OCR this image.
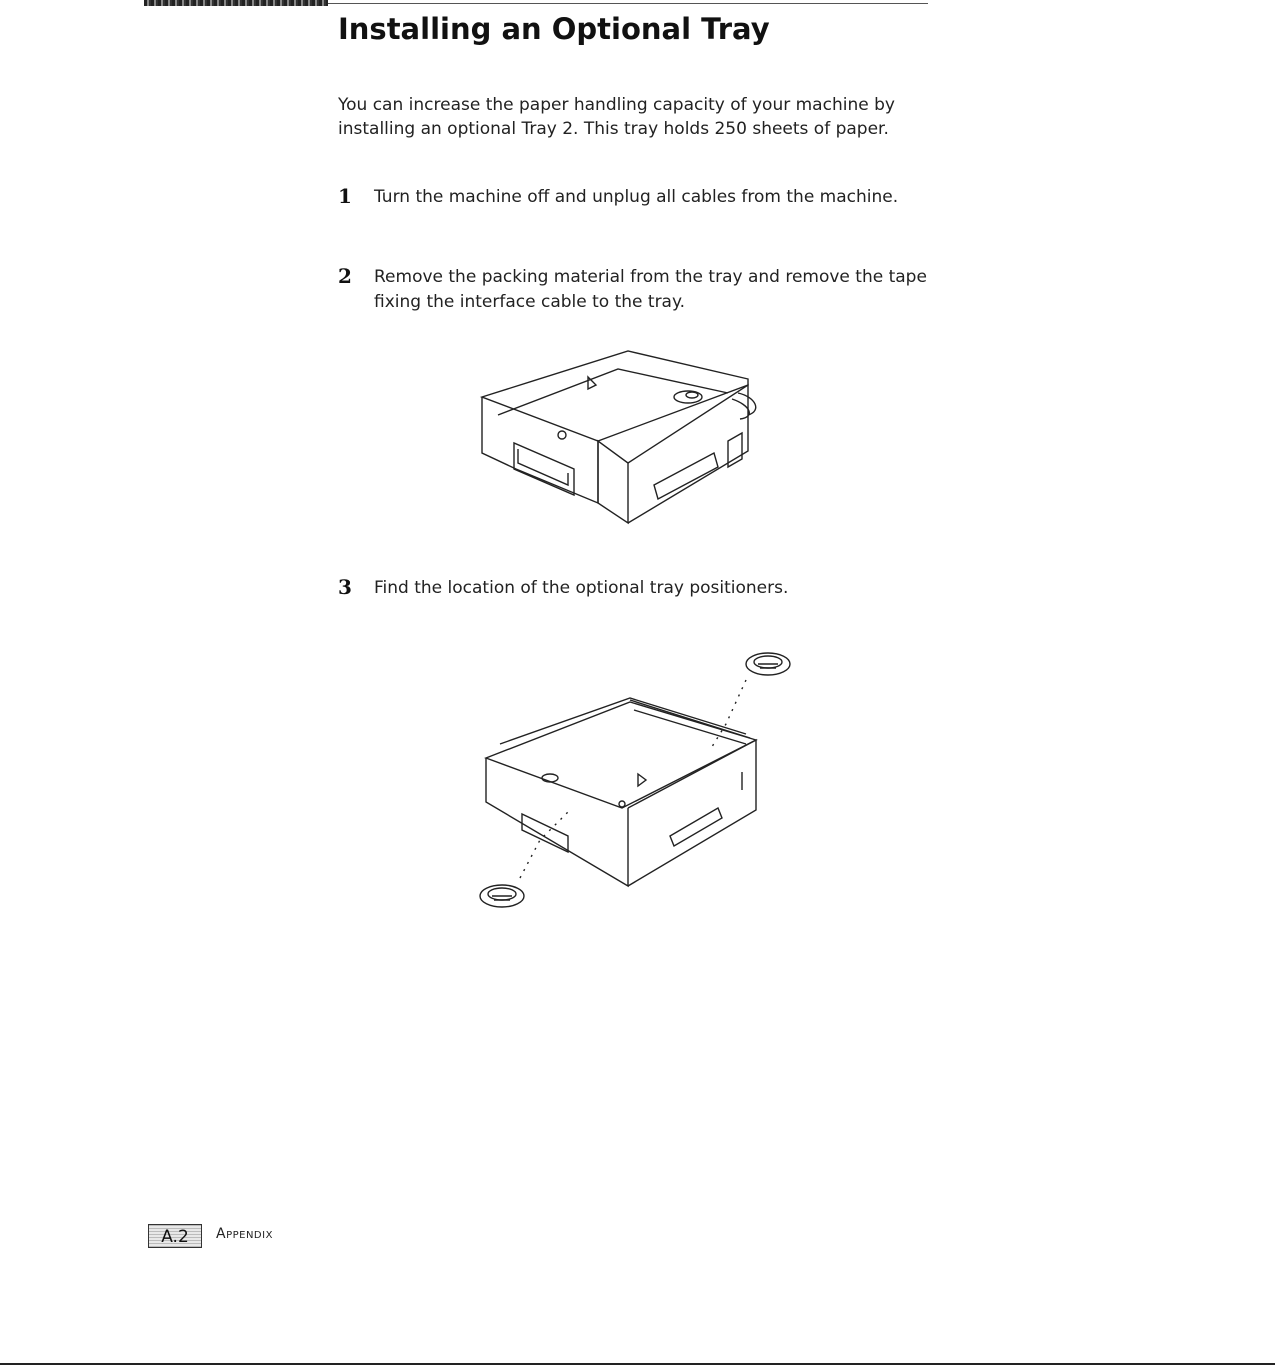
Installing an Optional Tray

You can increase the paper handling capacity of your machine by installing an optional Tray 2. This tray holds 250 sheets of paper.

1 Turn the machine off and unplug all cables from the machine.
2 Remove the packing material from the tray and remove the tape fixing the interface cable to the tray.
3 Find the location of the optional tray positioners.
A.2	Appendix
